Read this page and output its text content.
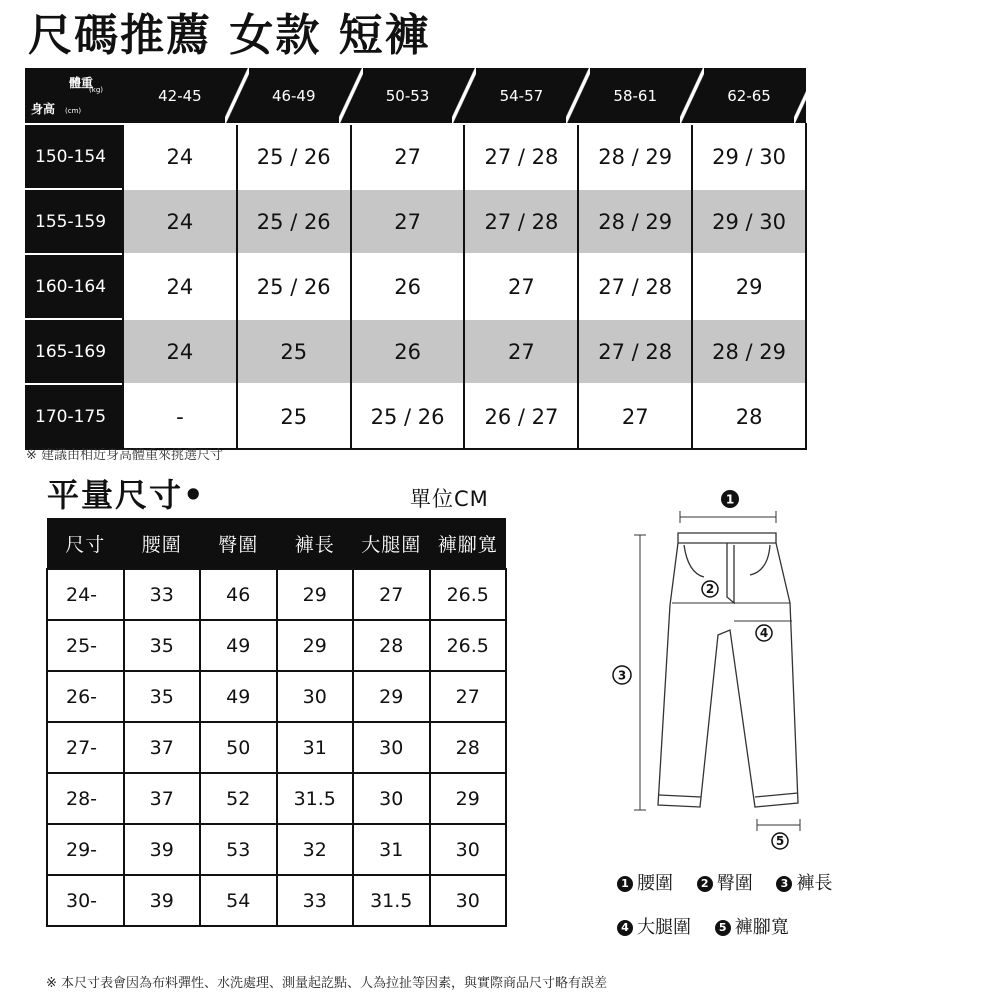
尺碼推薦 女款 短褲
體重
(kg)
身高 (cm)	42-45	46-49	50-53	54-57	58-61	62-65
150-154	24	25 / 26	27	27 / 28	28 / 29	29 / 30
155-159	24	25 / 26	27	27 / 28	28 / 29	29 / 30
160-164	24	25 / 26	26	27	27 / 28	29
165-169	24	25	26	27	27 / 28	28 / 29
170-175	-	25	25 / 26	26 / 27	27	28
※ 建議由相近身高體重來挑選尺寸
平量尺寸•	單位CM
尺寸	腰圍	臀圍	褲長	大腿圍	褲腳寬
24-	33	46	29	27	26.5
25-	35	49	29	28	26.5
26-	35	49	30	29	27
27-	37	50	31	30	28
28-	37	52	31.5	30	29
29-	39	53	32	31	30
30-	39	54	33	31.5	30
1
2
3
4
5
1 腰圍	2 臀圍	3 褲長
4 大腿圍	5 褲腳寬
※ 本尺寸表會因為布料彈性、水洗處理、測量起訖點、人為拉扯等因素，與實際商品尺寸略有誤差
